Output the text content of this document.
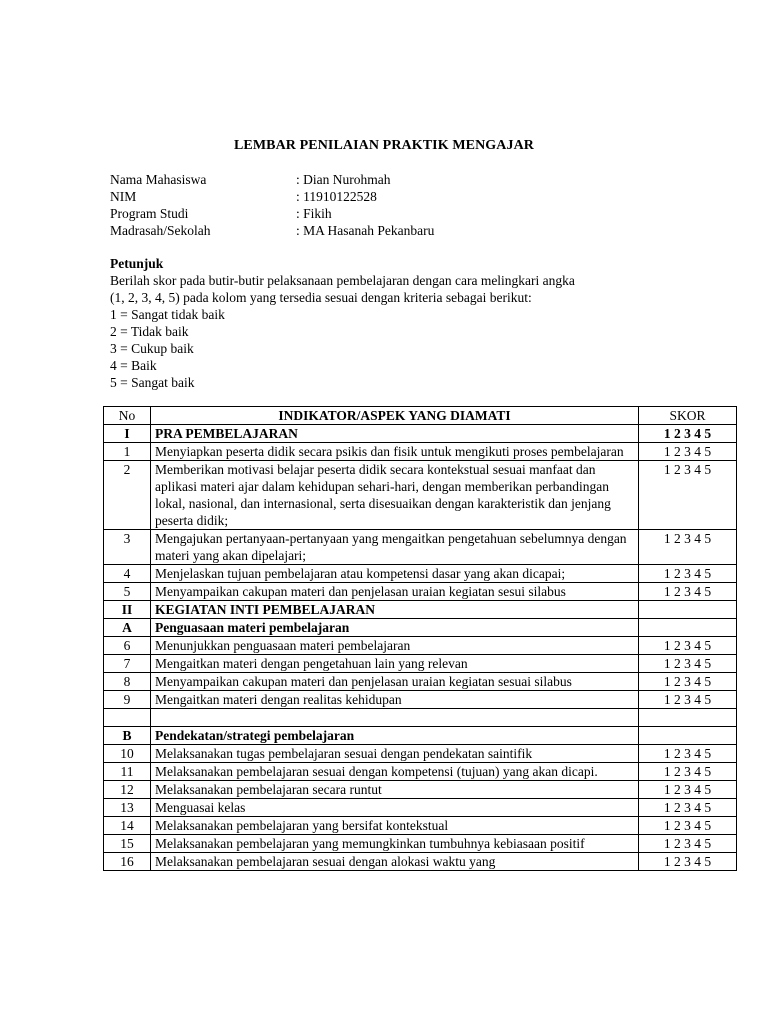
LEMBAR PENILAIAN PRAKTIK MENGAJAR
Nama Mahasiswa	: Dian Nurohmah
NIM	: 11910122528
Program Studi	: Fikih
Madrasah/Sekolah	: MA Hasanah Pekanbaru
Petunjuk
Berilah skor pada butir-butir pelaksanaan pembelajaran dengan cara melingkari angka
(1, 2, 3, 4, 5) pada kolom yang tersedia sesuai dengan kriteria sebagai berikut:
1 = Sangat tidak baik
2 = Tidak baik
3 = Cukup baik
4 = Baik
5 = Sangat baik
No	INDIKATOR/ASPEK YANG DIAMATI	SKOR
I	PRA PEMBELAJARAN	1 2 3 4 5
1	Menyiapkan peserta didik secara psikis dan fisik untuk mengikuti proses pembelajaran	1 2 3 4 5
2	Memberikan motivasi belajar peserta didik secara kontekstual sesuai manfaat dan aplikasi materi ajar dalam kehidupan sehari-hari, dengan memberikan perbandingan lokal, nasional, dan internasional, serta disesuaikan dengan karakteristik dan jenjang peserta didik;	1 2 3 4 5
3	Mengajukan pertanyaan-pertanyaan yang mengaitkan pengetahuan sebelumnya dengan materi yang akan dipelajari;	1 2 3 4 5
4	Menjelaskan tujuan pembelajaran atau kompetensi dasar yang akan dicapai;	1 2 3 4 5
5	Menyampaikan cakupan materi dan penjelasan uraian kegiatan sesui silabus	1 2 3 4 5
II	KEGIATAN INTI PEMBELAJARAN	
A	Penguasaan materi pembelajaran	
6	Menunjukkan penguasaan materi pembelajaran	1 2 3 4 5
7	Mengaitkan materi dengan pengetahuan lain yang relevan	1 2 3 4 5
8	Menyampaikan cakupan materi dan penjelasan uraian kegiatan sesuai silabus	1 2 3 4 5
9	Mengaitkan materi dengan realitas kehidupan	1 2 3 4 5

B	Pendekatan/strategi pembelajaran	
10	Melaksanakan tugas pembelajaran sesuai dengan pendekatan saintifik	1 2 3 4 5
11	Melaksanakan pembelajaran sesuai dengan kompetensi (tujuan) yang akan dicapi.	1 2 3 4 5
12	Melaksanakan pembelajaran secara runtut	1 2 3 4 5
13	Menguasai kelas	1 2 3 4 5
14	Melaksanakan pembelajaran yang bersifat kontekstual	1 2 3 4 5
15	Melaksanakan pembelajaran yang memungkinkan tumbuhnya kebiasaan positif	1 2 3 4 5
16	Melaksanakan pembelajaran sesuai dengan alokasi waktu yang	1 2 3 4 5
